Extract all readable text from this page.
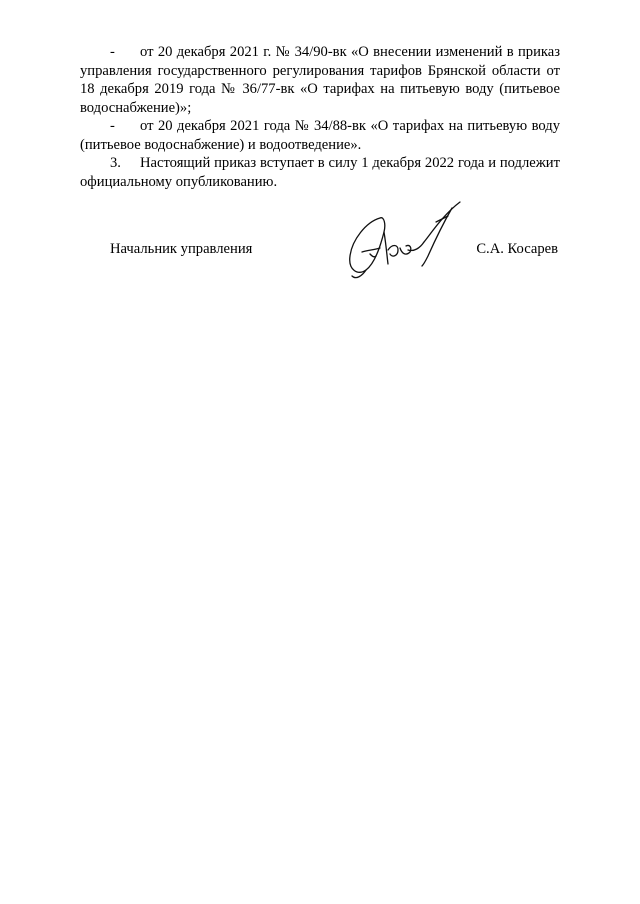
- от 20 декабря 2021 г. № 34/90-вк «О внесении изменений в приказ управления государственного регулирования тарифов Брянской области от 18 декабря 2019 года № 36/77-вк «О тарифах на питьевую воду (питьевое водоснабжение)»;

- от 20 декабря 2021 года № 34/88-вк «О тарифах на питьевую воду (питьевое водоснабжение) и водоотведение».

3. Настоящий приказ вступает в силу 1 декабря 2022 года и подлежит официальному опубликованию.

Начальник управления	С.А. Косарев
